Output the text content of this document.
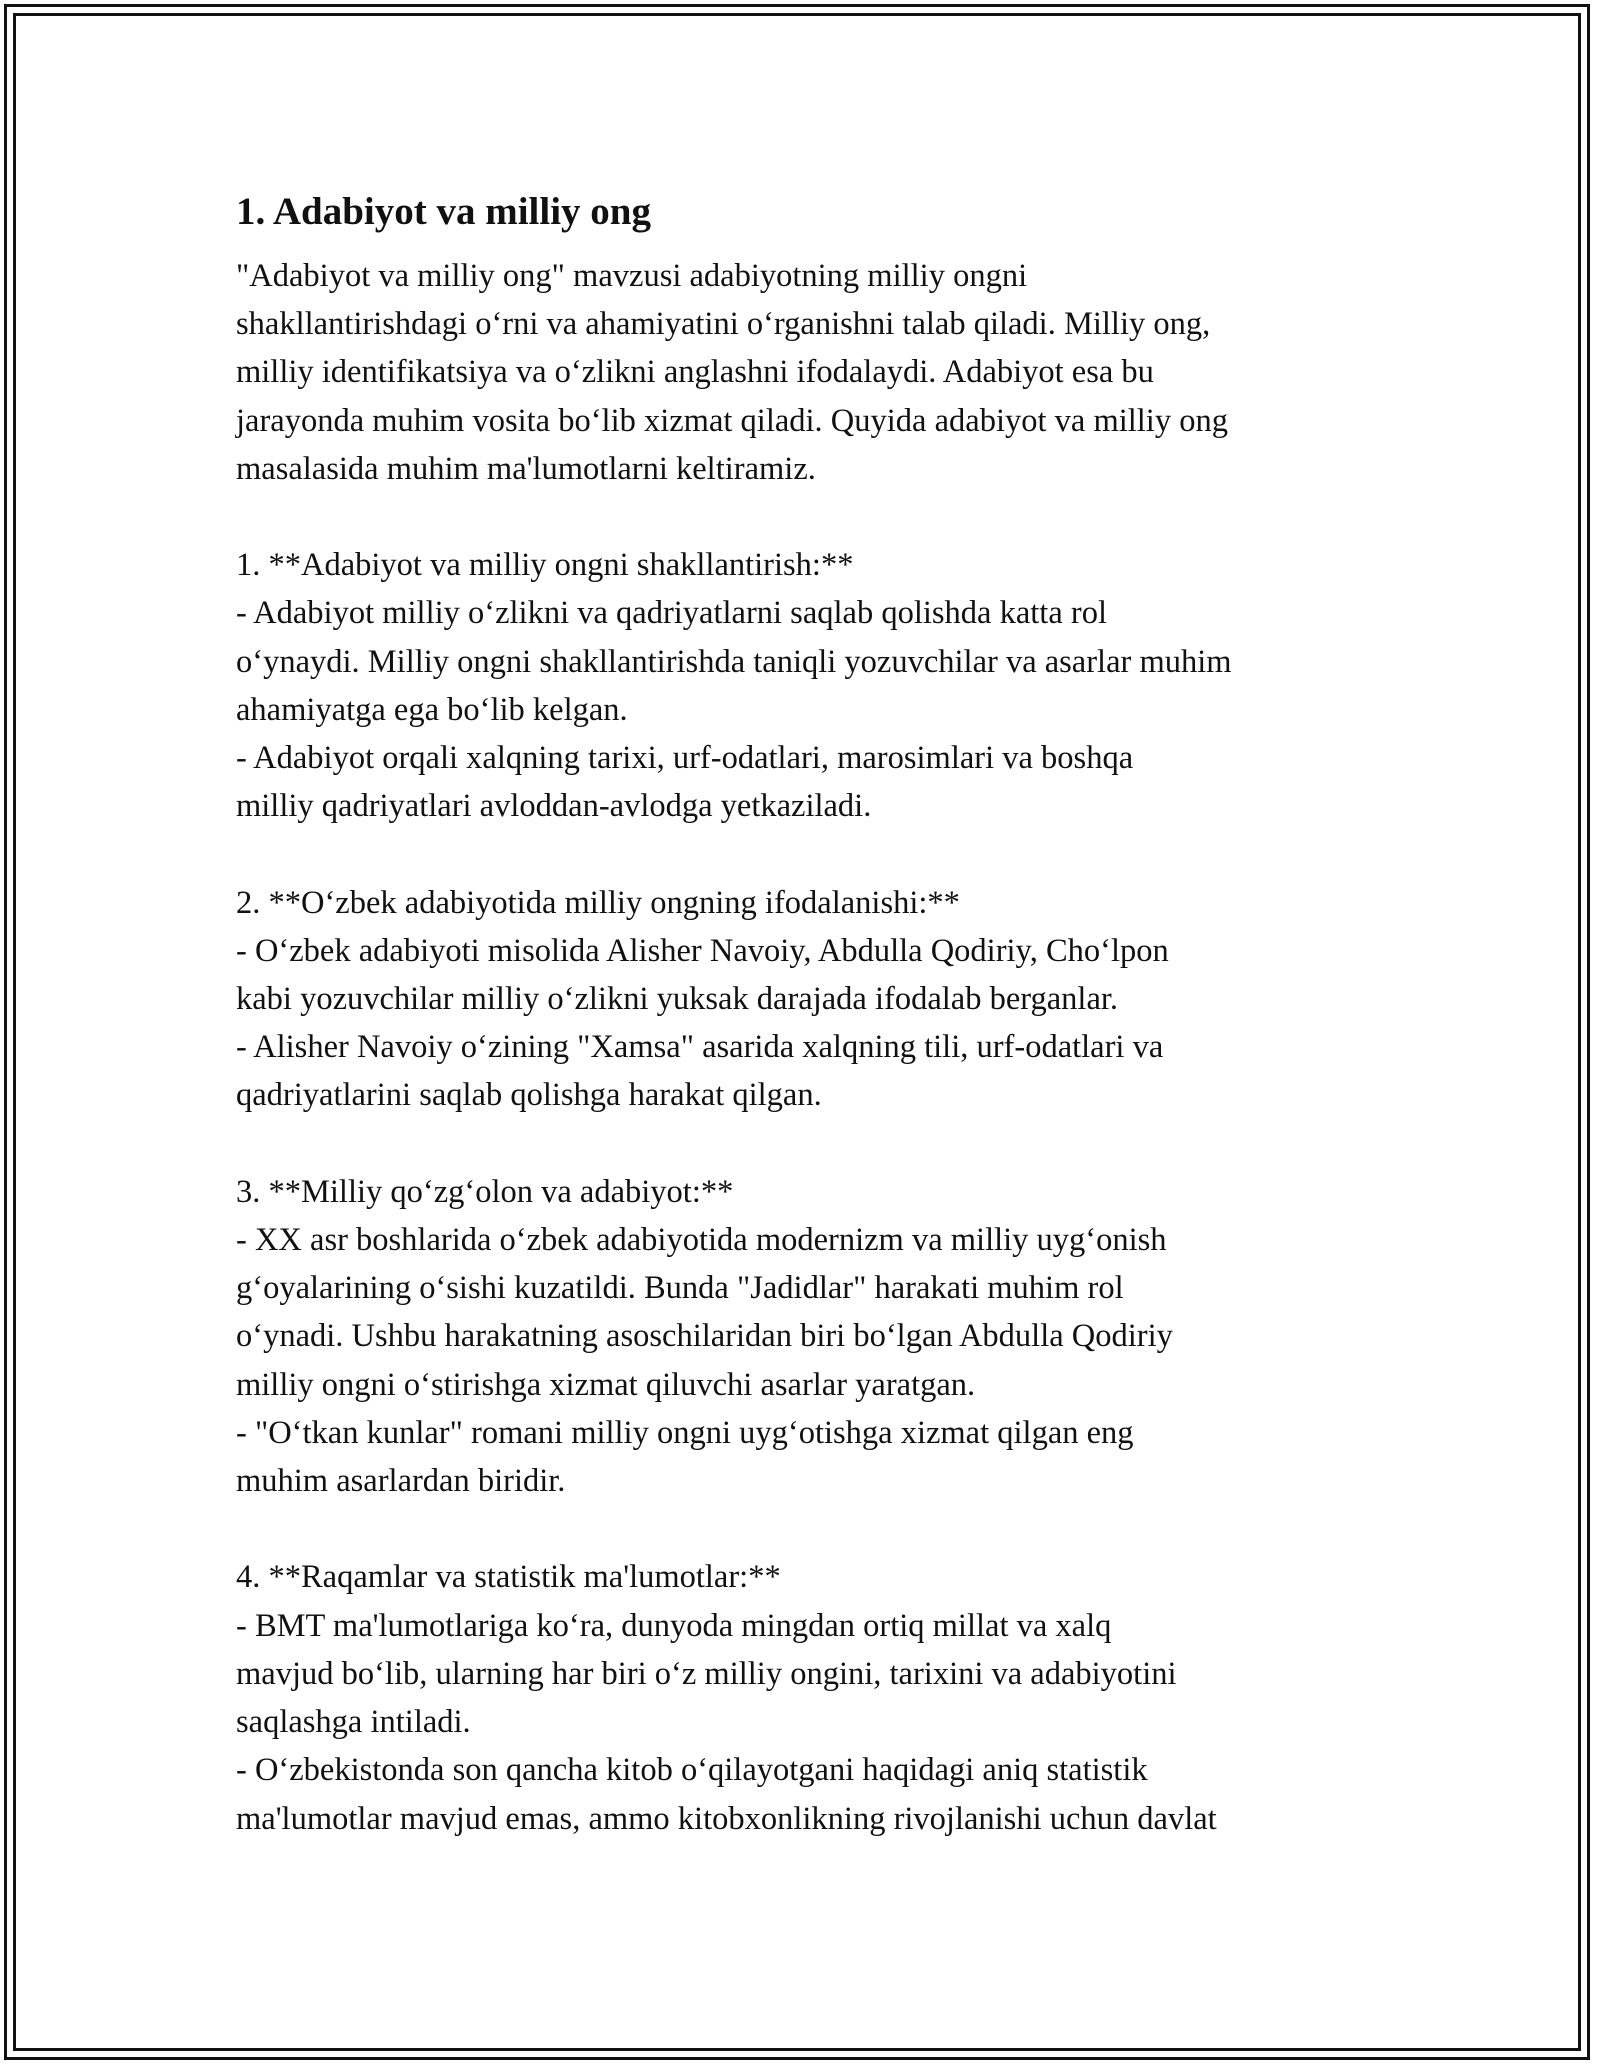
1. Adabiyot va milliy ong
"Adabiyot va milliy ong" mavzusi adabiyotning milliy ongni
shakllantirishdagi o‘rni va ahamiyatini o‘rganishni talab qiladi. Milliy ong,
milliy identifikatsiya va o‘zlikni anglashni ifodalaydi. Adabiyot esa bu
jarayonda muhim vosita bo‘lib xizmat qiladi. Quyida adabiyot va milliy ong
masalasida muhim ma'lumotlarni keltiramiz.

1. **Adabiyot va milliy ongni shakllantirish:**
- Adabiyot milliy o‘zlikni va qadriyatlarni saqlab qolishda katta rol
o‘ynaydi. Milliy ongni shakllantirishda taniqli yozuvchilar va asarlar muhim
ahamiyatga ega bo‘lib kelgan.
- Adabiyot orqali xalqning tarixi, urf-odatlari, marosimlari va boshqa
milliy qadriyatlari avloddan-avlodga yetkaziladi.

2. **O‘zbek adabiyotida milliy ongning ifodalanishi:**
- O‘zbek adabiyoti misolida Alisher Navoiy, Abdulla Qodiriy, Cho‘lpon
kabi yozuvchilar milliy o‘zlikni yuksak darajada ifodalab berganlar.
- Alisher Navoiy o‘zining "Xamsa" asarida xalqning tili, urf-odatlari va
qadriyatlarini saqlab qolishga harakat qilgan.

3. **Milliy qo‘zg‘olon va adabiyot:**
- XX asr boshlarida o‘zbek adabiyotida modernizm va milliy uyg‘onish
g‘oyalarining o‘sishi kuzatildi. Bunda "Jadidlar" harakati muhim rol
o‘ynadi. Ushbu harakatning asoschilaridan biri bo‘lgan Abdulla Qodiriy
milliy ongni o‘stirishga xizmat qiluvchi asarlar yaratgan.
- "O‘tkan kunlar" romani milliy ongni uyg‘otishga xizmat qilgan eng
muhim asarlardan biridir.

4. **Raqamlar va statistik ma'lumotlar:**
- BMT ma'lumotlariga ko‘ra, dunyoda mingdan ortiq millat va xalq
mavjud bo‘lib, ularning har biri o‘z milliy ongini, tarixini va adabiyotini
saqlashga intiladi.
- O‘zbekistonda son qancha kitob o‘qilayotgani haqidagi aniq statistik
ma'lumotlar mavjud emas, ammo kitobxonlikning rivojlanishi uchun davlat
